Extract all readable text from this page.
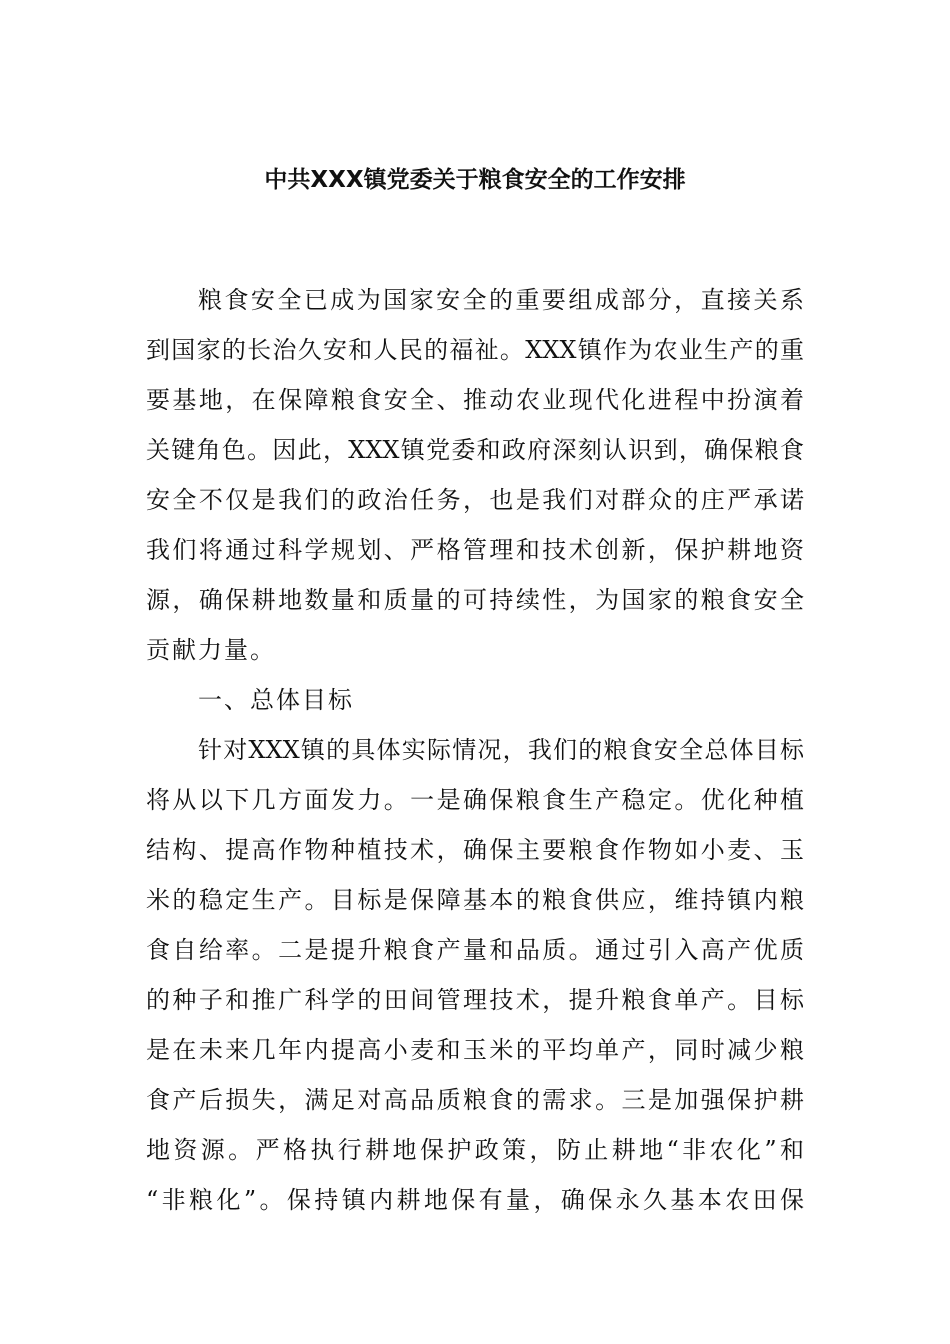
中共XXX镇党委关于粮食安全的工作安排
粮食安全已成为国家安全的重要组成部分，直接关系
到国家的长治久安和人民的福祉。XXX镇作为农业生产的重
要基地，在保障粮食安全、推动农业现代化进程中扮演着
关键角色。因此，XXX镇党委和政府深刻认识到，确保粮食
安全不仅是我们的政治任务，也是我们对群众的庄严承诺
我们将通过科学规划、严格管理和技术创新，保护耕地资
源，确保耕地数量和质量的可持续性，为国家的粮食安全
贡献力量。
一、总体目标
针对XXX镇的具体实际情况，我们的粮食安全总体目标
将从以下几方面发力。一是确保粮食生产稳定。优化种植
结构、提高作物种植技术，确保主要粮食作物如小麦、玉
米的稳定生产。目标是保障基本的粮食供应，维持镇内粮
食自给率。二是提升粮食产量和品质。通过引入高产优质
的种子和推广科学的田间管理技术，提升粮食单产。目标
是在未来几年内提高小麦和玉米的平均单产，同时减少粮
食产后损失，满足对高品质粮食的需求。三是加强保护耕
地资源。严格执行耕地保护政策，防止耕地“非农化”和
“非粮化”。保持镇内耕地保有量，确保永久基本农田保
